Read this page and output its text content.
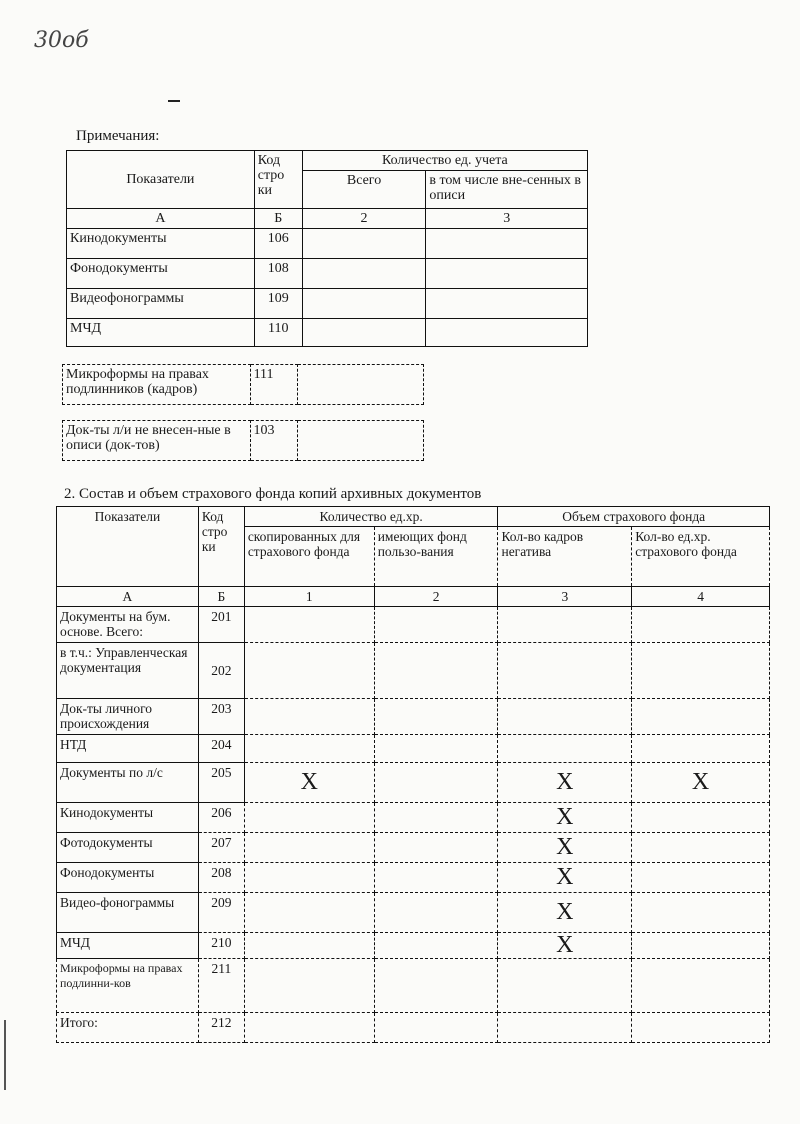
30об
Примечания:
Показатели	Код стро ки	Количество ед. учета	
		Всего	в том числе вне-сенных в описи
А	Б	2	3
Кинодокументы	106		
Фонодокументы	108		
Видеофонограммы	109		
МЧД	110		
Микроформы на правах подлинников (кадров)	111	
Док-ты л/и не внесен-ные в описи (док-тов)	103	
2. Состав и объем страхового фонда копий архивных документов
Показатели	Код стро ки	Количество ед.хр.		Объем страхового фонда	
		скопированных для страхового фонда	имеющих фонд пользо-вания	Кол-во кадров негатива	Кол-во ед.хр. страхового фонда
А	Б	1	2	3	4
Документы на бум. основе. Всего:	201				
в т.ч.: Управленческая документация	202				
Док-ты личного происхождения	203				
НТД	204				
Документы по л/с	205	X		X	X
Кинодокументы	206			X	
Фотодокументы	207			X	
Фонодокументы	208			X	
Видео-фонограммы	209			X	
МЧД	210			X	
Микроформы на правах подлинни-ков	211				
Итого:	212				
